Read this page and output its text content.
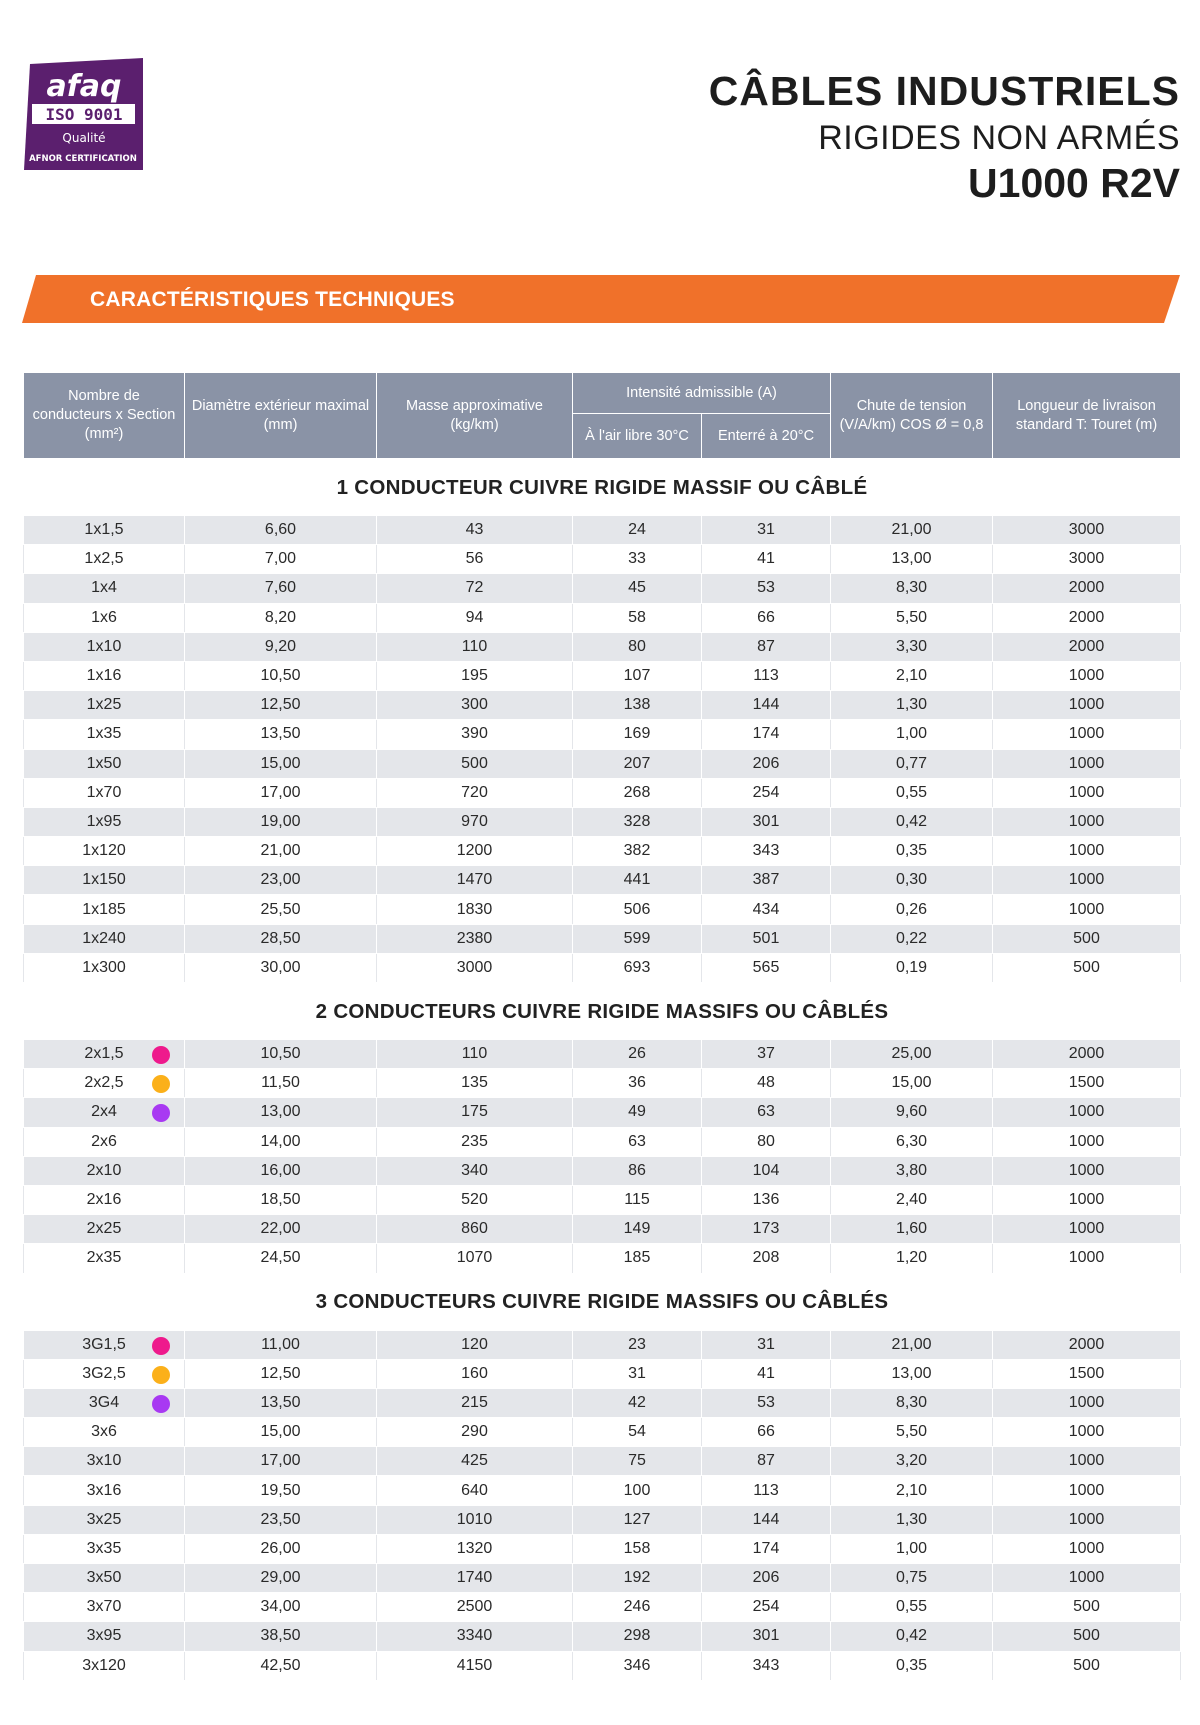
afaq
ISO 9001
Qualité
AFNOR CERTIFICATION
CÂBLES INDUSTRIELS
RIGIDES NON ARMÉS
U1000 R2V
CARACTÉRISTIQUES TECHNIQUES
Nombre de conducteurs x Section (mm²)	Diamètre extérieur maximal (mm)	Masse approximative (kg/km)	Intensité admissible (A)		Chute de tension (V/A/km) COS Ø = 0,8	Longueur de livraison standard T: Touret (m)
			À l'air libre 30°C	Enterré à 20°C		
1 CONDUCTEUR CUIVRE RIGIDE MASSIF OU CÂBLÉ						
1x1,5	6,60	43	24	31	21,00	3000
1x2,5	7,00	56	33	41	13,00	3000
1x4	7,60	72	45	53	8,30	2000
1x6	8,20	94	58	66	5,50	2000
1x10	9,20	110	80	87	3,30	2000
1x16	10,50	195	107	113	2,10	1000
1x25	12,50	300	138	144	1,30	1000
1x35	13,50	390	169	174	1,00	1000
1x50	15,00	500	207	206	0,77	1000
1x70	17,00	720	268	254	0,55	1000
1x95	19,00	970	328	301	0,42	1000
1x120	21,00	1200	382	343	0,35	1000
1x150	23,00	1470	441	387	0,30	1000
1x185	25,50	1830	506	434	0,26	1000
1x240	28,50	2380	599	501	0,22	500
1x300	30,00	3000	693	565	0,19	500
2 CONDUCTEURS CUIVRE RIGIDE MASSIFS OU CÂBLÉS						
2x1,5	10,50	110	26	37	25,00	2000
2x2,5	11,50	135	36	48	15,00	1500
2x4	13,00	175	49	63	9,60	1000
2x6	14,00	235	63	80	6,30	1000
2x10	16,00	340	86	104	3,80	1000
2x16	18,50	520	115	136	2,40	1000
2x25	22,00	860	149	173	1,60	1000
2x35	24,50	1070	185	208	1,20	1000
3 CONDUCTEURS CUIVRE RIGIDE MASSIFS OU CÂBLÉS						
3G1,5	11,00	120	23	31	21,00	2000
3G2,5	12,50	160	31	41	13,00	1500
3G4	13,50	215	42	53	8,30	1000
3x6	15,00	290	54	66	5,50	1000
3x10	17,00	425	75	87	3,20	1000
3x16	19,50	640	100	113	2,10	1000
3x25	23,50	1010	127	144	1,30	1000
3x35	26,00	1320	158	174	1,00	1000
3x50	29,00	1740	192	206	0,75	1000
3x70	34,00	2500	246	254	0,55	500
3x95	38,50	3340	298	301	0,42	500
3x120	42,50	4150	346	343	0,35	500
